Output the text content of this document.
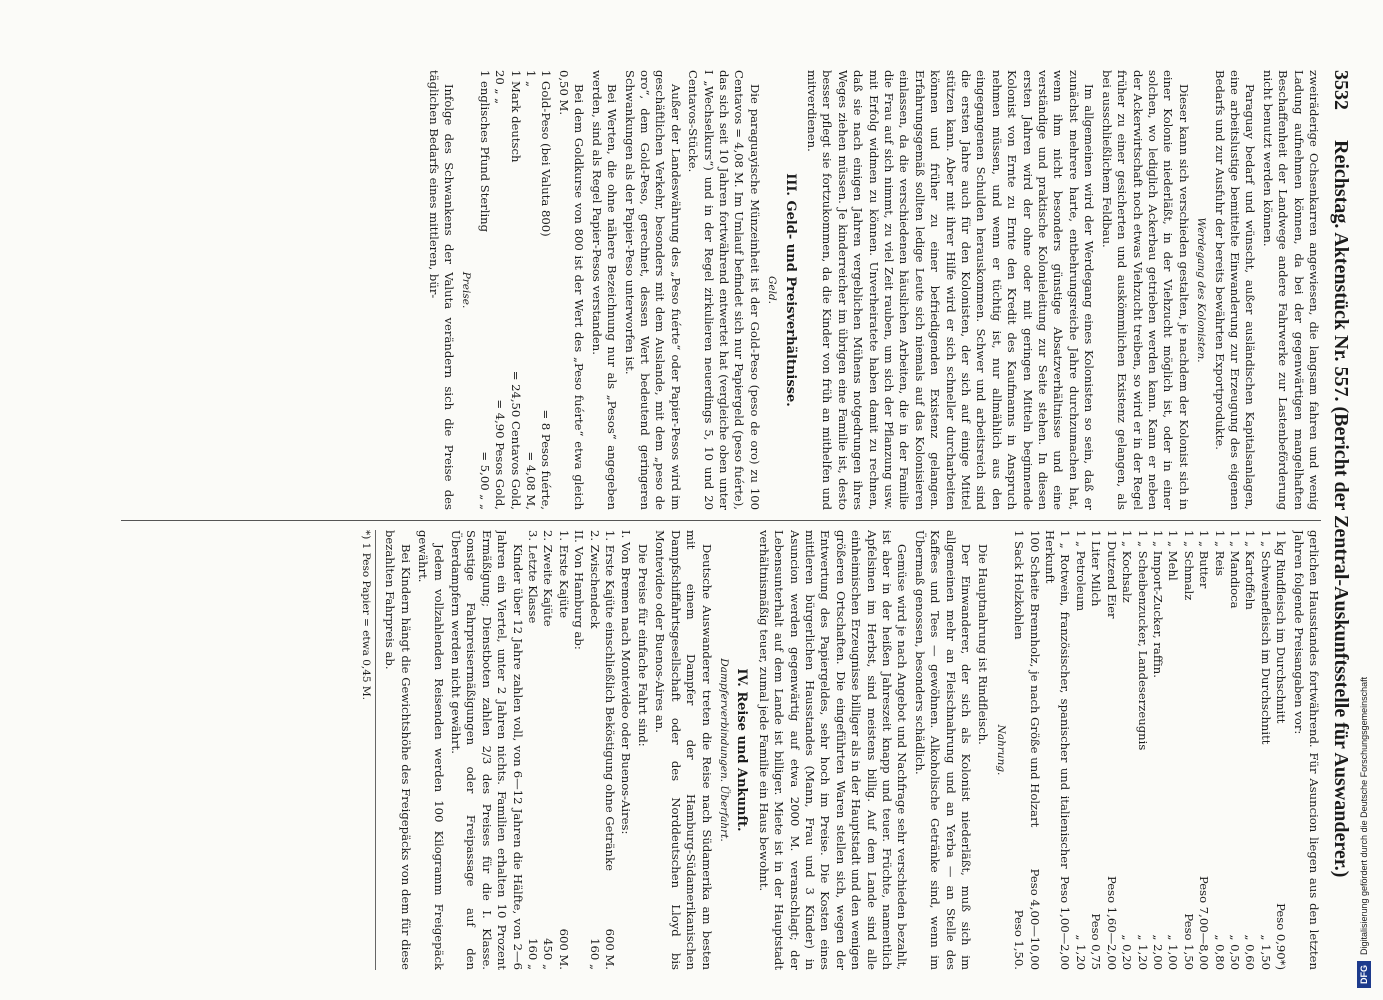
3532
Reichstag. Aktenstück Nr. 557. (Bericht der Zentral-Auskunftsstelle für Auswanderer.)

zweiräderige Ochsenkarren angewiesen, die langsam fahren und wenig Ladung aufnehmen können, da bei der gegenwärtigen mangelhaften Beschaffenheit der Landwege andere Fahrwerke zur Lastenbeförderung nicht benutzt werden können.

Paraguay bedarf und wünscht, außer ausländischen Kapitalsanlagen, eine arbeitslustige bemittelte Einwanderung zur Erzeugung des eigenen Bedarfs und zur Ausfuhr der bereits bewährten Exportprodukte.

Werdegang des Kolonisten.

Dieser kann sich verschieden gestalten, je nachdem der Kolonist sich in einer Kolonie niederläßt, in der Viehzucht möglich ist, oder in einer solchen, wo lediglich Ackerbau getrieben werden kann. Kann er neben der Ackerwirtschaft noch etwas Viehzucht treiben, so wird er in der Regel früher zu einer gesicherten und auskömmlichen Existenz gelangen, als bei ausschließlichem Feldbau.

Im allgemeinen wird der Werdegang eines Kolonisten so sein, daß er zunächst mehrere harte, entbehrungsreiche Jahre durchzumachen hat, wenn ihm nicht besonders günstige Absatzverhältnisse und eine verständige und praktische Kolonieleitung zur Seite stehen. In diesen ersten Jahren wird der ohne oder mit geringen Mitteln beginnende Kolonist von Ernte zu Ernte den Kredit des Kaufmanns in Anspruch nehmen müssen, und wenn er tüchtig ist, nur allmählich aus den eingegangenen Schulden herauskommen. Schwer und arbeitsreich sind die ersten Jahre auch für den Kolonisten, der sich auf einige Mittel stützen kann. Aber mit ihrer Hilfe wird er sich schneller durcharbeiten können und früher zu einer befriedigenden Existenz gelangen. Erfahrungsgemäß sollten ledige Leute sich niemals auf das Kolonisieren einlassen, da die verschiedenen häuslichen Arbeiten, die in der Familie die Frau auf sich nimmt, zu viel Zeit rauben, um sich der Pflanzung usw. mit Erfolg widmen zu können. Unverheiratete haben damit zu rechnen, daß sie nach einigen Jahren vergeblichen Mühens notgedrungen ihres Weges ziehen müssen. Je kinderreicher im übrigen eine Familie ist, desto besser pflegt sie fortzukommen, da die Kinder von früh an mithelfen und mitverdienen.

III. Geld- und Preisverhältnisse.
Geld.

Die paraguayische Münzeinheit ist der Gold-Peso (peso de oro) zu 100 Centavos = 4,08 M. Im Umlauf befindet sich nur Papiergeld (peso fuérte), das sich seit 10 Jahren fortwährend entwertet hat (vergleiche oben unter I „Wechselkurs“) und in der Regel zirkulieren neuerdings 5, 10 und 20 Centavos-Stücke.

Außer der Landeswährung des „Peso fuérte“ oder Papier-Pesos wird im geschäftlichen Verkehr, besonders mit dem Auslande, mit dem „peso de oro“, dem Gold-Peso, gerechnet, dessen Wert bedeutend geringeren Schwankungen als der Papier-Peso unterworfen ist.

Bei Werten, die ohne nähere Bezeichnung nur als „Pesos“ angegeben werden, sind als Regel Papier-Pesos verstanden.

Bei dem Goldkurse von 800 ist der Wert des „Peso fuérte“ etwa gleich 0,50 M.

1 Gold-Peso (bei Valuta 800)	= 8 Pesos fuérte,
1 „	= 4,08 M,
1 Mark deutsch	= 24,50 Centavos Gold,
20 „ „	= 4,90 Pesos Gold,
1 englisches Pfund Sterling	= 5,00 „ „
Preise.

Infolge des Schwankens der Valuta verändern sich die Preise des täglichen Bedarfs eines mittleren, bür-

gerlichen Hausstandes fortwährend. Für Asuncion liegen aus den letzten Jahren folgende Preisangaben vor:

1 kg Rindfleisch im Durchschnitt	Peso 0,90*)
1 „ Schweinefleisch im Durchschnitt	„ 1,50
1 „ Kartoffeln	„ 0,60
1 „ Mandioca	„ 0,50
1 „ Reis	„ 0,80
1 „ Butter	Peso 7,00—8,00
1 „ Schmalz	Peso 1,50
1 „ Mehl	„ 1,00
1 „ Import-Zucker, raffin.	„ 2,00
1 „ Scheibenzucker, Landeserzeugnis	„ 1,20
1 „ Kochsalz	„ 0,20
1 Dutzend Eier	Peso 1,60—2,00
1 Liter Milch	Peso 0,75
1 „ Petroleum	„ 1,20
1 „ Rotwein, französischer, spanischer und italienischer Herkunft	Peso 1,00—2,00
100 Scheite Brennholz, je nach Größe und Holzart	Peso 4,00—10,00
1 Sack Holzkohlen	Peso 1,50.
Nahrung.

Die Hauptnahrung ist Rindfleisch.

Der Einwanderer, der sich als Kolonist niederläßt, muß sich im allgemeinen mehr an Fleischnahrung und an Yerba — an Stelle des Kaffees und Tees — gewöhnen. Alkoholische Getränke sind, wenn im Übermaß genossen, besonders schädlich.

Gemüse wird je nach Angebot und Nachfrage sehr verschieden bezahlt, ist aber in der heißen Jahreszeit knapp und teuer. Früchte, namentlich Apfelsinen im Herbst, sind meistens billig. Auf dem Lande sind alle einheimischen Erzeugnisse billiger als in der Hauptstadt und den wenigen größeren Ortschaften. Die eingeführten Waren stellen sich, wegen der Entwertung des Papiergeldes, sehr hoch im Preise. Die Kosten eines mittleren bürgerlichen Hausstandes (Mann, Frau und 3 Kinder) in Asuncion werden gegenwärtig auf etwa 2000 M. veranschlagt; der Lebensunterhalt auf dem Lande ist billiger. Miete ist in der Hauptstadt verhältnismäßig teuer, zumal jede Familie ein Haus bewohnt.

IV. Reise und Ankunft.
Dampferverbindungen. Überfahrt.

Deutsche Auswanderer treten die Reise nach Südamerika am besten mit einem Dampfer der Hamburg-Südamerikanischen Dampfschiffahrtsgesellschaft oder des Norddeutschen Lloyd bis Montevideo oder Buenos-Aires an.

Die Preise für einfache Fahrt sind:

I. Von Bremen nach Montevideo oder Buenos-Aires:	
1. Erste Kajüte einschließlich Beköstigung ohne Getränke	600 M.
2. Zwischendeck	160 „
II. Von Hamburg ab:	
1. Erste Kajüte	600 M.
2. Zweite Kajüte	450 „
3. Letzte Klasse	160 „

Kinder über 12 Jahre zahlen voll, von 6—12 Jahren die Hälfte, von 2—6 Jahren ein Viertel, unter 2 Jahren nichts. Familien erhalten 10 Prozent Ermäßigung; Dienstboten zahlen 2/3 des Preises für die I. Klasse. Sonstige Fahrpreisermäßigungen oder Freipassage auf den Überdampfern werden nicht gewährt.

Jedem vollzahlenden Reisenden werden 100 Kilogramm Freigepäck gewährt.

Bei Kindern hängt die Gewichtshöhe des Freigepäcks von dem für diese bezahlten Fahrpreis ab.

*) 1 Peso Papier = etwa 0,45 M.
DFG
Digitalisierung gefördert durch die Deutsche Forschungsgemeinschaft
